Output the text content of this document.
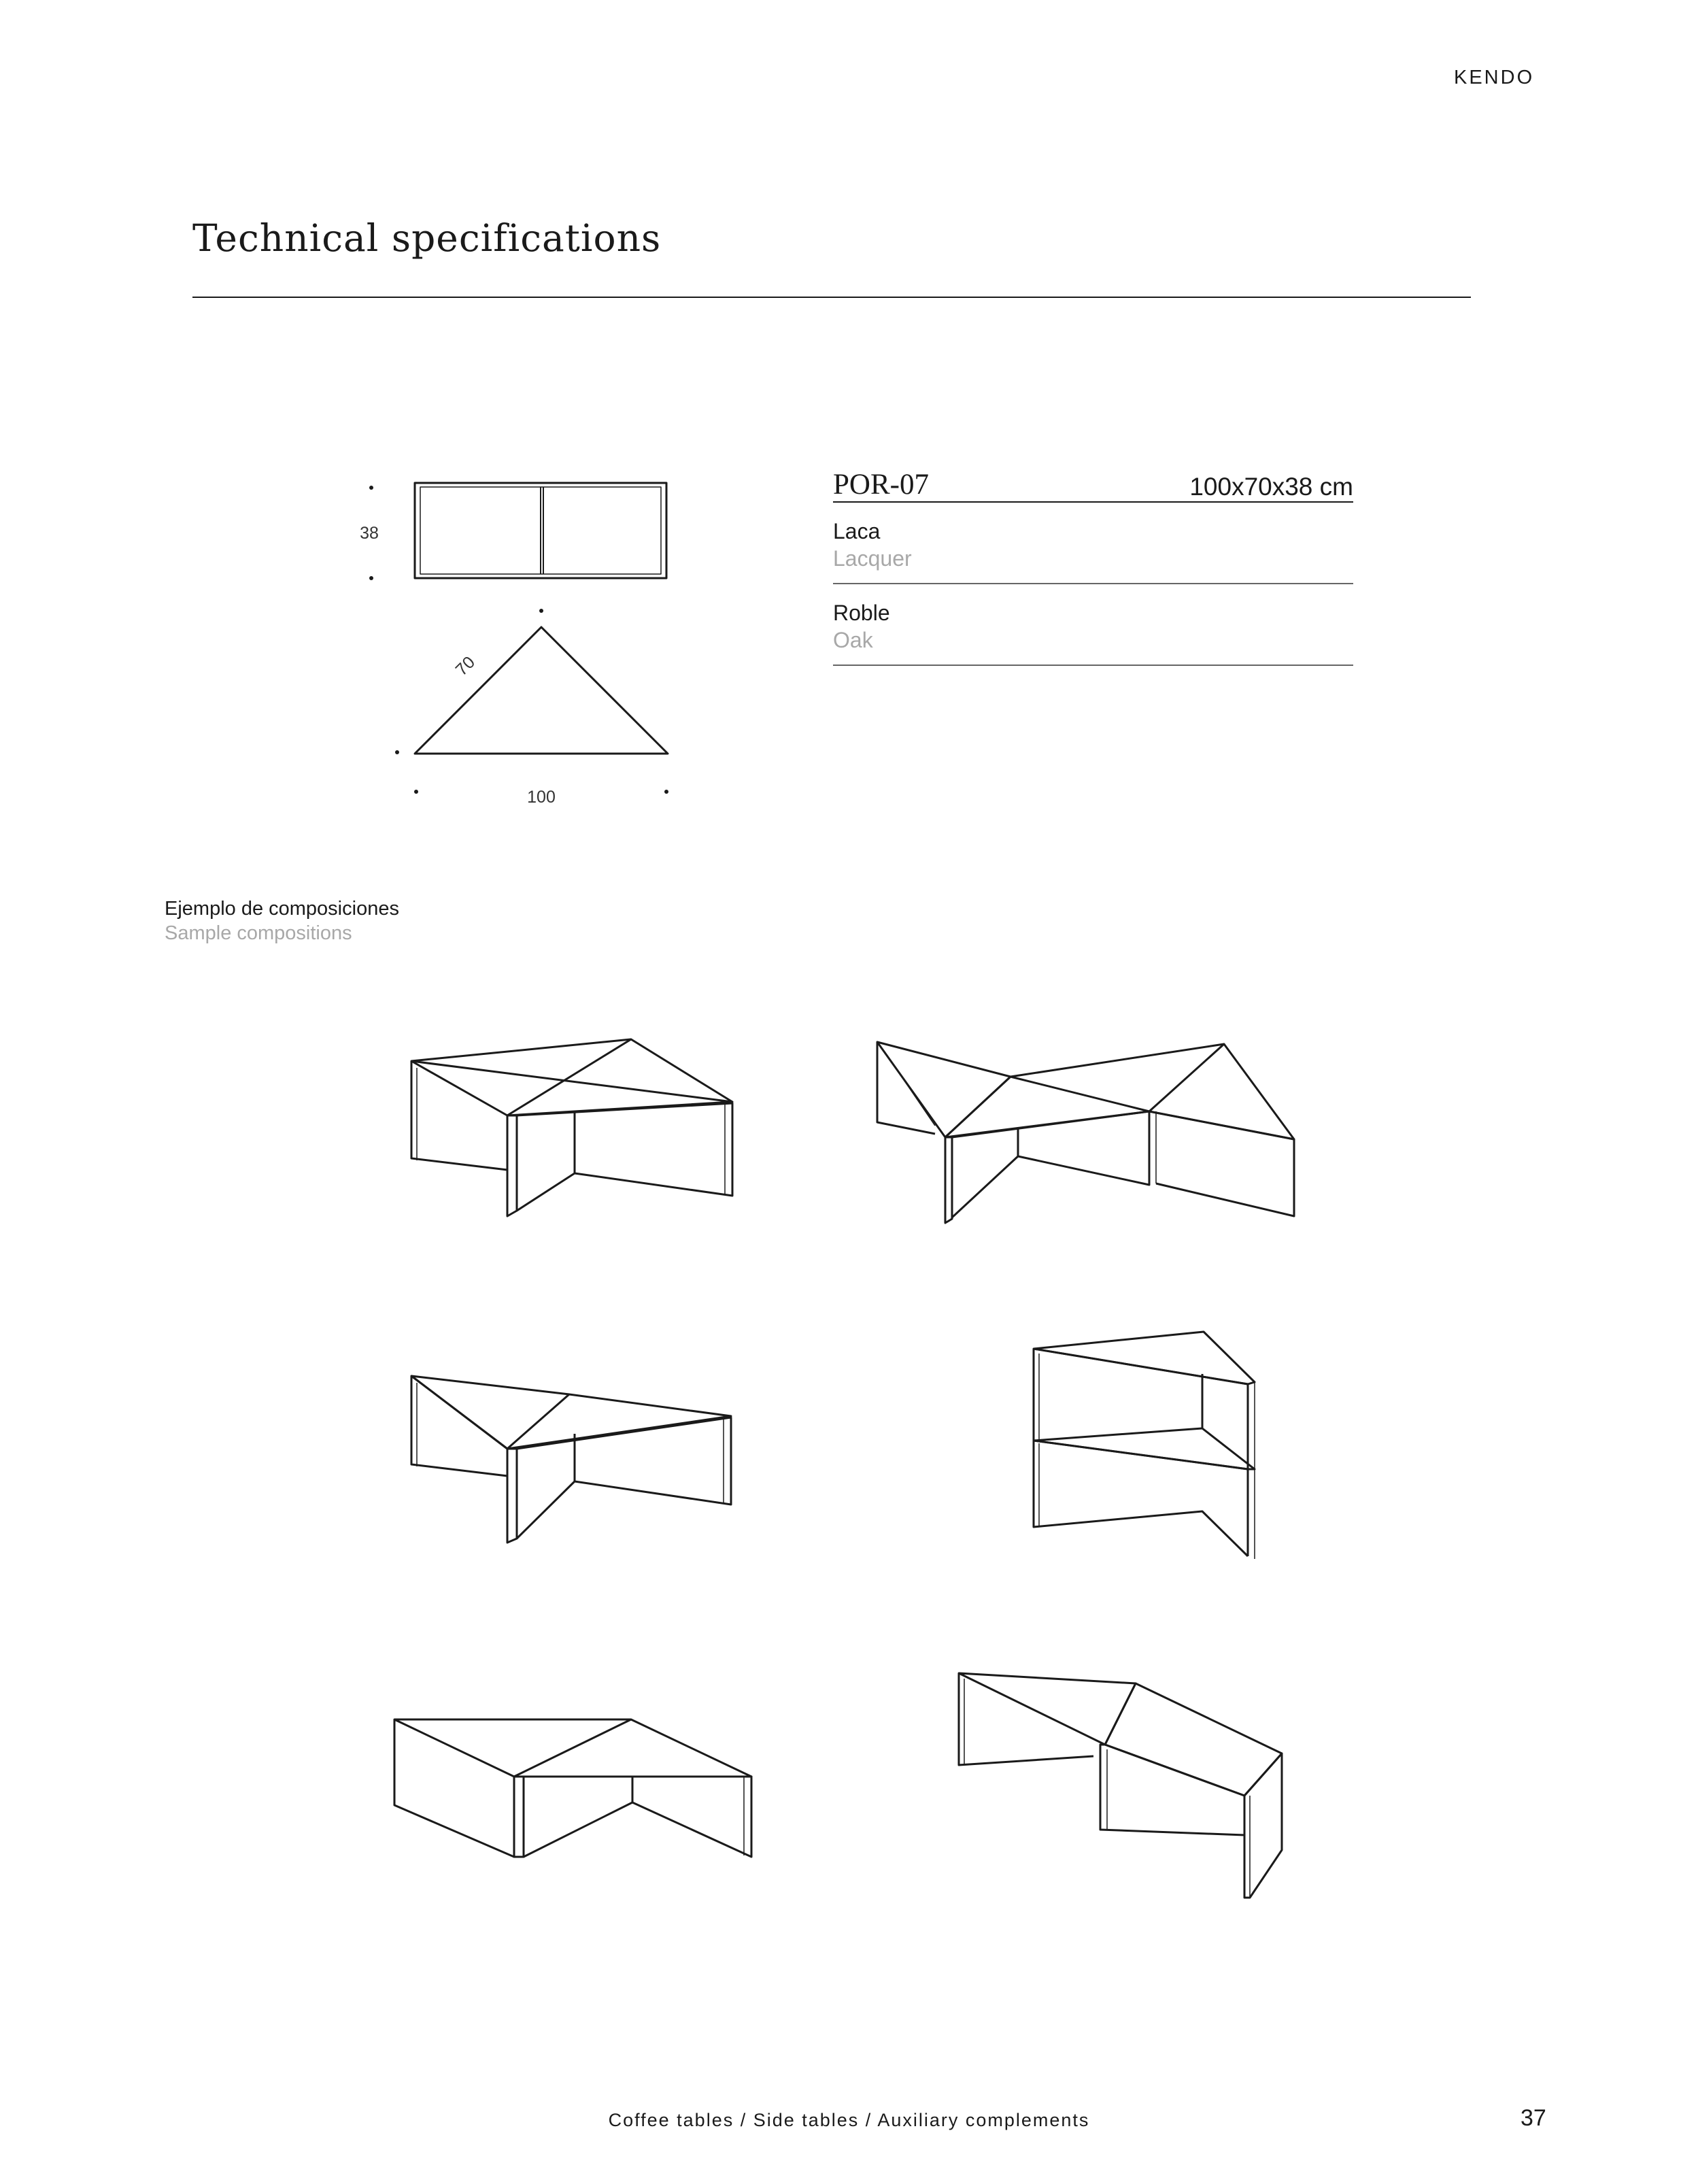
KENDO
Technical specifications
38
70
100
POR-07	100x70x38 cm
Laca
Lacquer
Roble
Oak
Ejemplo de composiciones
Sample compositions
Coffee tables / Side tables / Auxiliary complements	37
